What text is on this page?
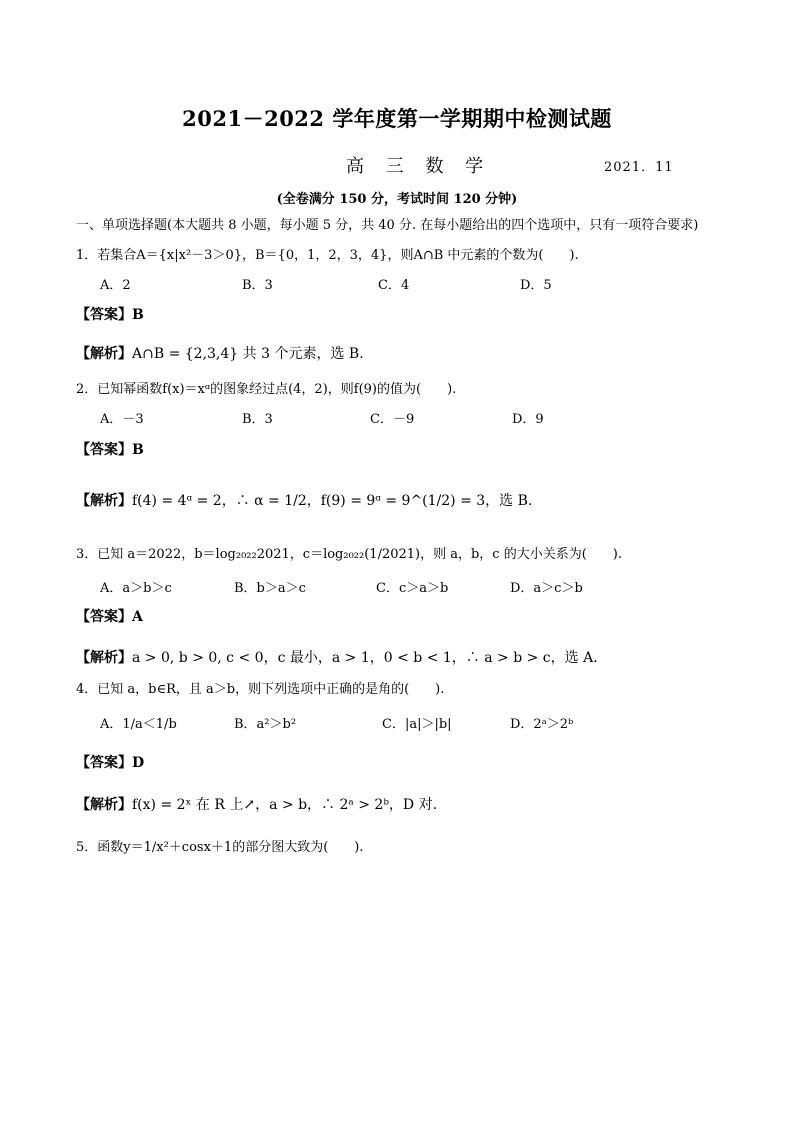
2021－2022 学年度第一学期期中检测试题
高 三 数 学	2021．11
(全卷满分 150 分，考试时间 120 分钟)
一、单项选择题(本大题共 8 小题，每小题 5 分，共 40 分. 在每小题给出的四个选项中，只有一项符合要求)
1．若集合A＝{x|x²－3＞0}，B＝{0，1，2，3，4}，则A∩B 中元素的个数为(　　).
A．2	B．3	C．4	D．5
【答案】B
【解析】A∩B = {2,3,4} 共 3 个元素，选 B.
2．已知幂函数f(x)＝xᵅ的图象经过点(4，2)，则f(9)的值为(　　).
A．－3	B．3	C．－9	D．9
【答案】B
【解析】f(4) = 4ᵅ = 2，∴ α = 1/2，f(9) = 9ᵅ = 9^(1/2) = 3，选 B.
3．已知 a＝2022，b＝log₂₀₂₂2021，c＝log₂₀₂₂(1/2021)，则 a，b，c 的大小关系为(　　).
A．a＞b＞c	B．b＞a＞c	C．c＞a＞b	D．a＞c＞b
【答案】A
【解析】a > 0, b > 0, c < 0，c 最小，a > 1，0 < b < 1，∴ a > b > c，选 A.
4．已知 a，b∈R，且 a＞b，则下列选项中正确的是角的(　　).
A．1/a＜1/b	B．a²＞b²	C．|a|＞|b|	D．2ᵃ＞2ᵇ
【答案】D
【解析】f(x) = 2ˣ 在 R 上↗，a > b，∴ 2ᵃ > 2ᵇ，D 对.
5．函数y＝1/x²＋cosx＋1的部分图大致为(　　).
